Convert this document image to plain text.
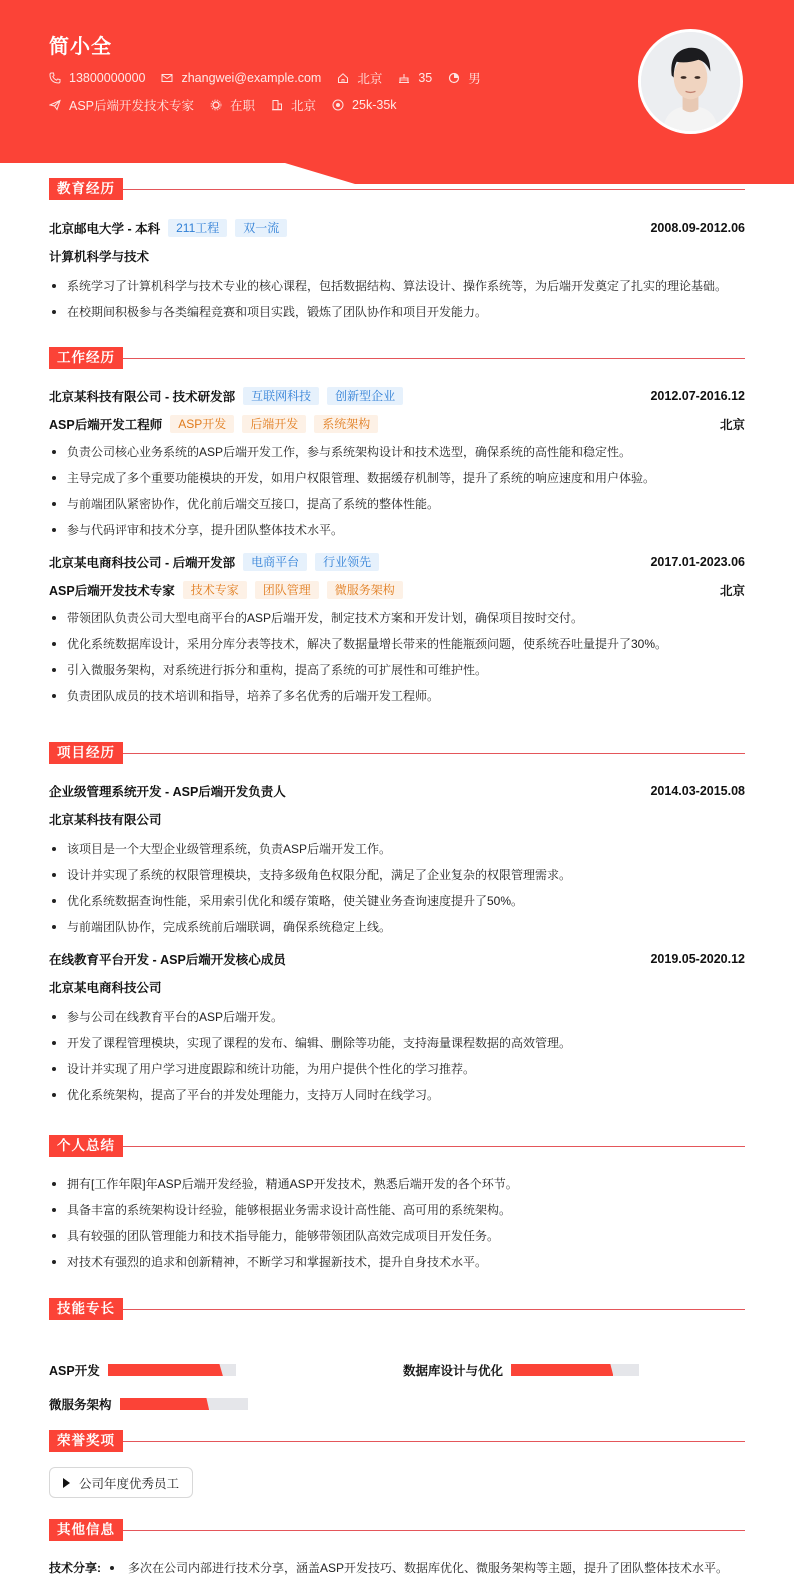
简小全
13800000000	zhangwei@example.com	北京	35	男
ASP后端开发技术专家	在职	北京	25k-35k
教育经历
北京邮电大学 - 本科	211工程	双一流	2008.09-2012.06
计算机科学与技术
系统学习了计算机科学与技术专业的核心课程，包括数据结构、算法设计、操作系统等，为后端开发奠定了扎实的理论基础。
在校期间积极参与各类编程竞赛和项目实践，锻炼了团队协作和项目开发能力。
工作经历
北京某科技有限公司 - 技术研发部	互联网科技	创新型企业	2012.07-2016.12
ASP后端开发工程师	ASP开发	后端开发	系统架构	北京
负责公司核心业务系统的ASP后端开发工作，参与系统架构设计和技术选型，确保系统的高性能和稳定性。
主导完成了多个重要功能模块的开发，如用户权限管理、数据缓存机制等，提升了系统的响应速度和用户体验。
与前端团队紧密协作，优化前后端交互接口，提高了系统的整体性能。
参与代码评审和技术分享，提升团队整体技术水平。
北京某电商科技公司 - 后端开发部	电商平台	行业领先	2017.01-2023.06
ASP后端开发技术专家	技术专家	团队管理	微服务架构	北京
带领团队负责公司大型电商平台的ASP后端开发，制定技术方案和开发计划，确保项目按时交付。
优化系统数据库设计，采用分库分表等技术，解决了数据量增长带来的性能瓶颈问题，使系统吞吐量提升了30%。
引入微服务架构，对系统进行拆分和重构，提高了系统的可扩展性和可维护性。
负责团队成员的技术培训和指导，培养了多名优秀的后端开发工程师。
项目经历
企业级管理系统开发 - ASP后端开发负责人	2014.03-2015.08
北京某科技有限公司
该项目是一个大型企业级管理系统，负责ASP后端开发工作。
设计并实现了系统的权限管理模块，支持多级角色权限分配，满足了企业复杂的权限管理需求。
优化系统数据查询性能，采用索引优化和缓存策略，使关键业务查询速度提升了50%。
与前端团队协作，完成系统前后端联调，确保系统稳定上线。
在线教育平台开发 - ASP后端开发核心成员	2019.05-2020.12
北京某电商科技公司
参与公司在线教育平台的ASP后端开发。
开发了课程管理模块，实现了课程的发布、编辑、删除等功能，支持海量课程数据的高效管理。
设计并实现了用户学习进度跟踪和统计功能，为用户提供个性化的学习推荐。
优化系统架构，提高了平台的并发处理能力，支持万人同时在线学习。
个人总结
拥有[工作年限]年ASP后端开发经验，精通ASP开发技术，熟悉后端开发的各个环节。
具备丰富的系统架构设计经验，能够根据业务需求设计高性能、高可用的系统架构。
具有较强的团队管理能力和技术指导能力，能够带领团队高效完成项目开发任务。
对技术有强烈的追求和创新精神，不断学习和掌握新技术，提升自身技术水平。
技能专长
ASP开发	数据库设计与优化
微服务架构
荣誉奖项
公司年度优秀员工
其他信息
技术分享: 多次在公司内部进行技术分享，涵盖ASP开发技巧、数据库优化、微服务架构等主题，提升了团队整体技术水平。
